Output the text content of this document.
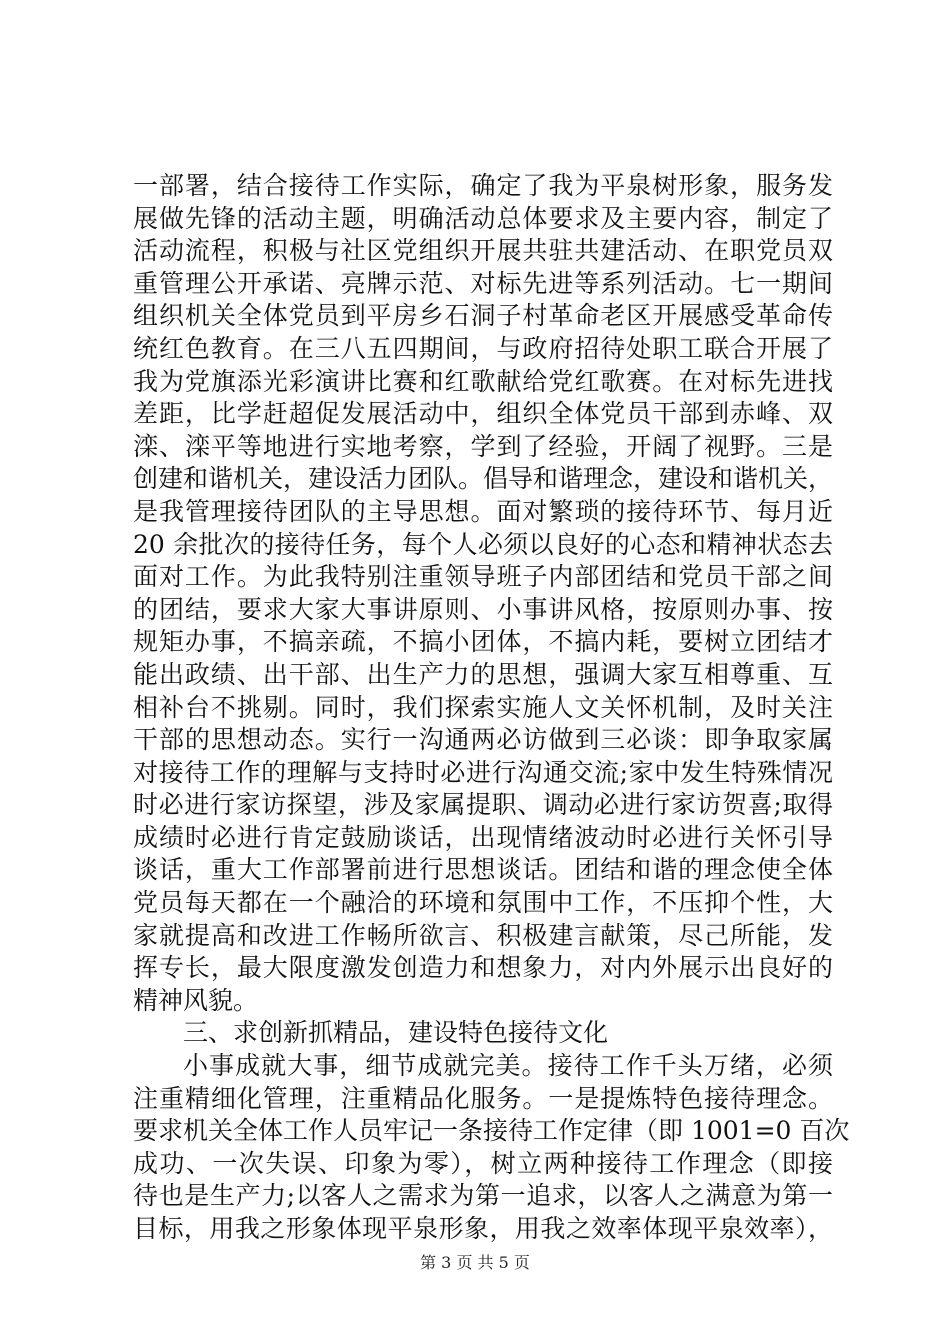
一部署，结合接待工作实际，确定了我为平泉树形象，服务发
展做先锋的活动主题，明确活动总体要求及主要内容，制定了
活动流程，积极与社区党组织开展共驻共建活动、在职党员双
重管理公开承诺、亮牌示范、对标先进等系列活动。七一期间
组织机关全体党员到平房乡石洞子村革命老区开展感受革命传
统红色教育。在三八五四期间，与政府招待处职工联合开展了
我为党旗添光彩演讲比赛和红歌献给党红歌赛。在对标先进找
差距，比学赶超促发展活动中，组织全体党员干部到赤峰、双
滦、滦平等地进行实地考察，学到了经验，开阔了视野。三是
创建和谐机关，建设活力团队。倡导和谐理念，建设和谐机关，
是我管理接待团队的主导思想。面对繁琐的接待环节、每月近
20 余批次的接待任务，每个人必须以良好的心态和精神状态去
面对工作。为此我特别注重领导班子内部团结和党员干部之间
的团结，要求大家大事讲原则、小事讲风格，按原则办事、按
规矩办事，不搞亲疏，不搞小团体，不搞内耗，要树立团结才
能出政绩、出干部、出生产力的思想，强调大家互相尊重、互
相补台不挑剔。同时，我们探索实施人文关怀机制，及时关注
干部的思想动态。实行一沟通两必访做到三必谈：即争取家属
对接待工作的理解与支持时必进行沟通交流;家中发生特殊情况
时必进行家访探望，涉及家属提职、调动必进行家访贺喜;取得
成绩时必进行肯定鼓励谈话，出现情绪波动时必进行关怀引导
谈话，重大工作部署前进行思想谈话。团结和谐的理念使全体
党员每天都在一个融洽的环境和氛围中工作，不压抑个性，大
家就提高和改进工作畅所欲言、积极建言献策，尽己所能，发
挥专长，最大限度激发创造力和想象力，对内外展示出良好的
精神风貌。
三、求创新抓精品，建设特色接待文化
小事成就大事，细节成就完美。接待工作千头万绪，必须
注重精细化管理，注重精品化服务。一是提炼特色接待理念。
要求机关全体工作人员牢记一条接待工作定律（即 1001=0 百次
成功、一次失误、印象为零），树立两种接待工作理念（即接
待也是生产力;以客人之需求为第一追求，以客人之满意为第一
目标，用我之形象体现平泉形象，用我之效率体现平泉效率），
第 3 页 共 5 页
